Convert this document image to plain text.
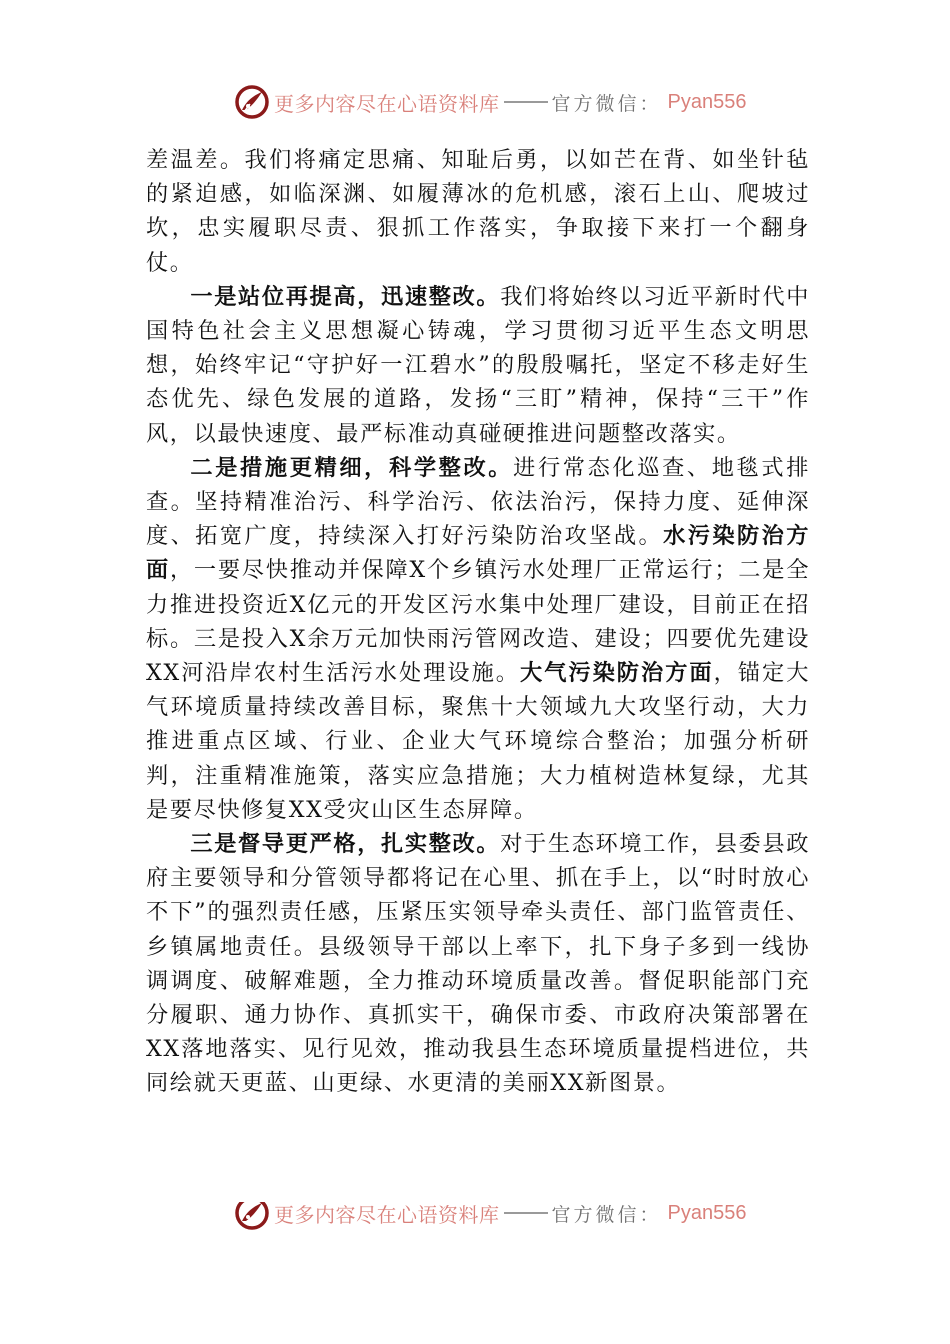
更多内容尽在心语资料库	官方微信： Pyan556

差温差。我们将痛定思痛、知耻后勇，以如芒在背、如坐针毡的紧迫感，如临深渊、如履薄冰的危机感，滚石上山、爬坡过坎，忠实履职尽责、狠抓工作落实，争取接下来打一个翻身仗。

一是站位再提高，迅速整改。我们将始终以习近平新时代中国特色社会主义思想凝心铸魂，学习贯彻习近平生态文明思想，始终牢记“守护好一江碧水”的殷殷嘱托，坚定不移走好生态优先、绿色发展的道路，发扬“三盯”精神，保持“三干”作风，以最快速度、最严标准动真碰硬推进问题整改落实。

二是措施更精细，科学整改。进行常态化巡查、地毯式排查。坚持精准治污、科学治污、依法治污，保持力度、延伸深度、拓宽广度，持续深入打好污染防治攻坚战。水污染防治方面，一要尽快推动并保障X个乡镇污水处理厂正常运行；二是全力推进投资近X亿元的开发区污水集中处理厂建设，目前正在招标。三是投入X余万元加快雨污管网改造、建设；四要优先建设XX河沿岸农村生活污水处理设施。大气污染防治方面，锚定大气环境质量持续改善目标，聚焦十大领域九大攻坚行动，大力推进重点区域、行业、企业大气环境综合整治；加强分析研判，注重精准施策，落实应急措施；大力植树造林复绿，尤其是要尽快修复XX受灾山区生态屏障。

三是督导更严格，扎实整改。对于生态环境工作，县委县政府主要领导和分管领导都将记在心里、抓在手上，以“时时放心不下”的强烈责任感，压紧压实领导牵头责任、部门监管责任、乡镇属地责任。县级领导干部以上率下，扎下身子多到一线协调调度、破解难题，全力推动环境质量改善。督促职能部门充分履职、通力协作、真抓实干，确保市委、市政府决策部署在XX落地落实、见行见效，推动我县生态环境质量提档进位，共同绘就天更蓝、山更绿、水更清的美丽XX新图景。

更多内容尽在心语资料库	官方微信： Pyan556
